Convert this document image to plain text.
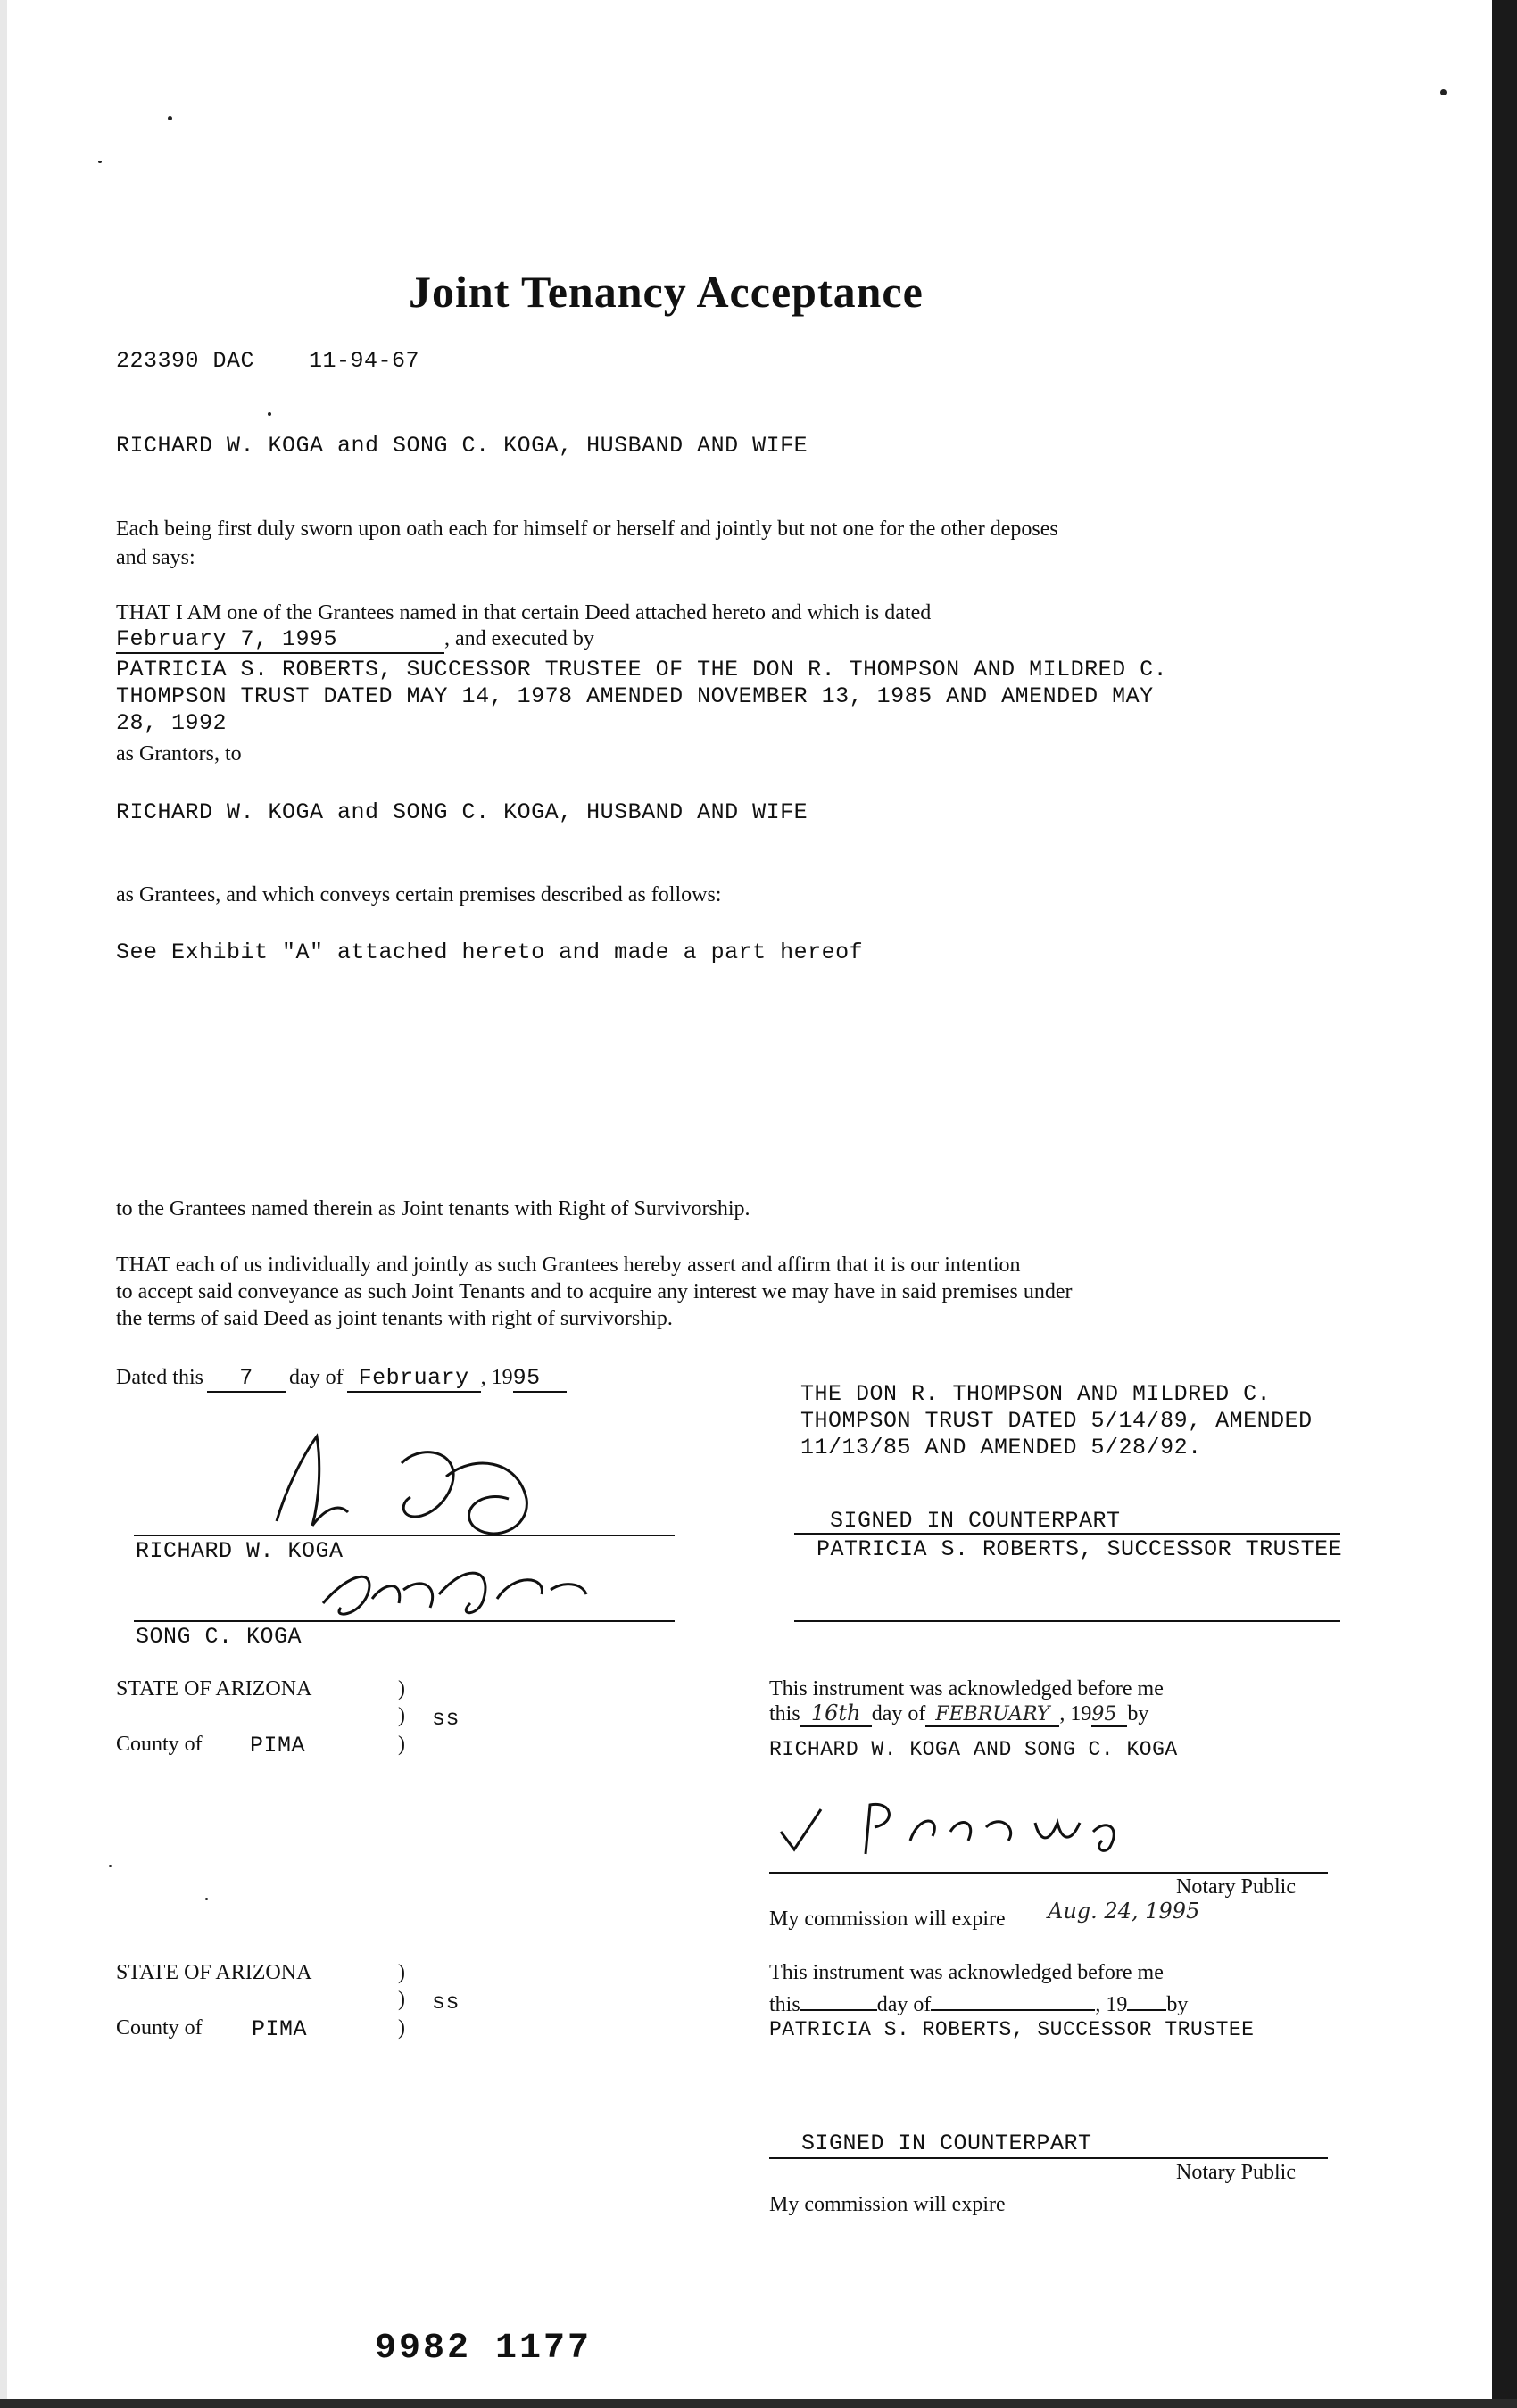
Joint Tenancy Acceptance
223390 DAC 11-94-67
RICHARD W. KOGA and SONG C. KOGA, HUSBAND AND WIFE
Each being first duly sworn upon oath each for himself or herself and jointly but not one for the other deposes
and says:
THAT I AM one of the Grantees named in that certain Deed attached hereto and which is dated
February 7, 1995	, and executed by
PATRICIA S. ROBERTS, SUCCESSOR TRUSTEE OF THE DON R. THOMPSON AND MILDRED C.
THOMPSON TRUST DATED MAY 14, 1978 AMENDED NOVEMBER 13, 1985 AND AMENDED MAY
28, 1992
as Grantors, to
RICHARD W. KOGA and SONG C. KOGA, HUSBAND AND WIFE
as Grantees, and which conveys certain premises described as follows:
See Exhibit "A" attached hereto and made a part hereof
to the Grantees named therein as Joint tenants with Right of Survivorship.
THAT each of us individually and jointly as such Grantees hereby assert and affirm that it is our intention
to accept said conveyance as such Joint Tenants and to acquire any interest we may have in said premises under
the terms of said Deed as joint tenants with right of survivorship.
Dated this 7 day of February , 1995
THE DON R. THOMPSON AND MILDRED C.
THOMPSON TRUST DATED 5/14/89, AMENDED
11/13/85 AND AMENDED 5/28/92.
SIGNED IN COUNTERPART
PATRICIA S. ROBERTS, SUCCESSOR TRUSTEE
RICHARD W. KOGA
SONG C. KOGA
STATE OF ARIZONA	)
) ss
)
County of PIMA
This instrument was acknowledged before me
this 16th day of FEBRUARY , 1995 by
RICHARD W. KOGA AND SONG C. KOGA
Notary Public
My commission will expire Aug. 24, 1995
STATE OF ARIZONA	)
) ss
)
County of PIMA
This instrument was acknowledged before me
this	day of	, 19 by
PATRICIA S. ROBERTS, SUCCESSOR TRUSTEE
SIGNED IN COUNTERPART
Notary Public
My commission will expire
9982 1177
